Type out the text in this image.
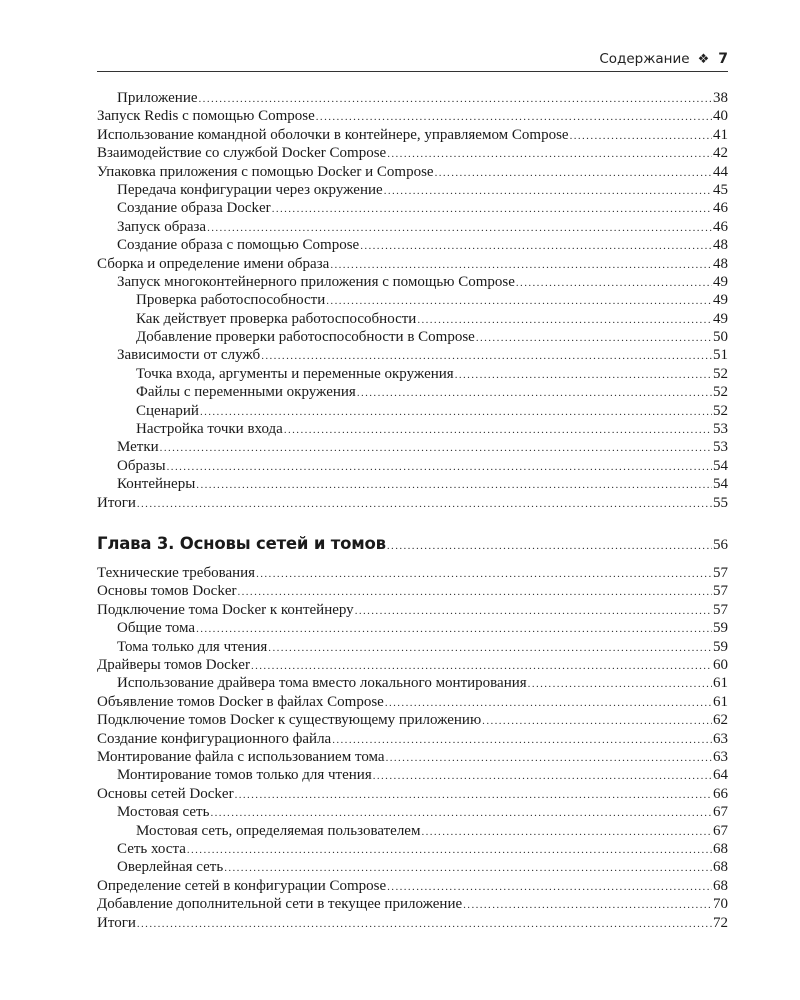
Содержание ❖ 7
Приложение .....	38
Запуск Redis с помощью Compose .....	40
Использование командной оболочки в контейнере, управляемом Compose .....	41
Взаимодействие со службой Docker Compose .....	42
Упаковка приложения с помощью Docker и Compose .....	44
Передача конфигурации через окружение .....	45
Создание образа Docker .....	46
Запуск образа .....	46
Создание образа с помощью Compose .....	48
Сборка и определение имени образа .....	48
Запуск многоконтейнерного приложения с помощью Compose .....	49
Проверка работоспособности .....	49
Как действует проверка работоспособности .....	49
Добавление проверки работоспособности в Compose .....	50
Зависимости от служб .....	51
Точка входа, аргументы и переменные окружения .....	52
Файлы с переменными окружения .....	52
Сценарий .....	52
Настройка точки входа .....	53
Метки .....	53
Образы .....	54
Контейнеры .....	54
Итоги .....	55
Глава 3. Основы сетей и томов .....	56
Технические требования .....	57
Основы томов Docker .....	57
Подключение тома Docker к контейнеру .....	57
Общие тома .....	59
Тома только для чтения .....	59
Драйверы томов Docker .....	60
Использование драйвера тома вместо локального монтирования .....	61
Объявление томов Docker в файлах Compose .....	61
Подключение томов Docker к существующему приложению .....	62
Создание конфигурационного файла .....	63
Монтирование файла с использованием тома .....	63
Монтирование томов только для чтения .....	64
Основы сетей Docker .....	66
Мостовая сеть .....	67
Мостовая сеть, определяемая пользователем .....	67
Сеть хоста .....	68
Оверлейная сеть .....	68
Определение сетей в конфигурации Compose .....	68
Добавление дополнительной сети в текущее приложение .....	70
Итоги .....	72
